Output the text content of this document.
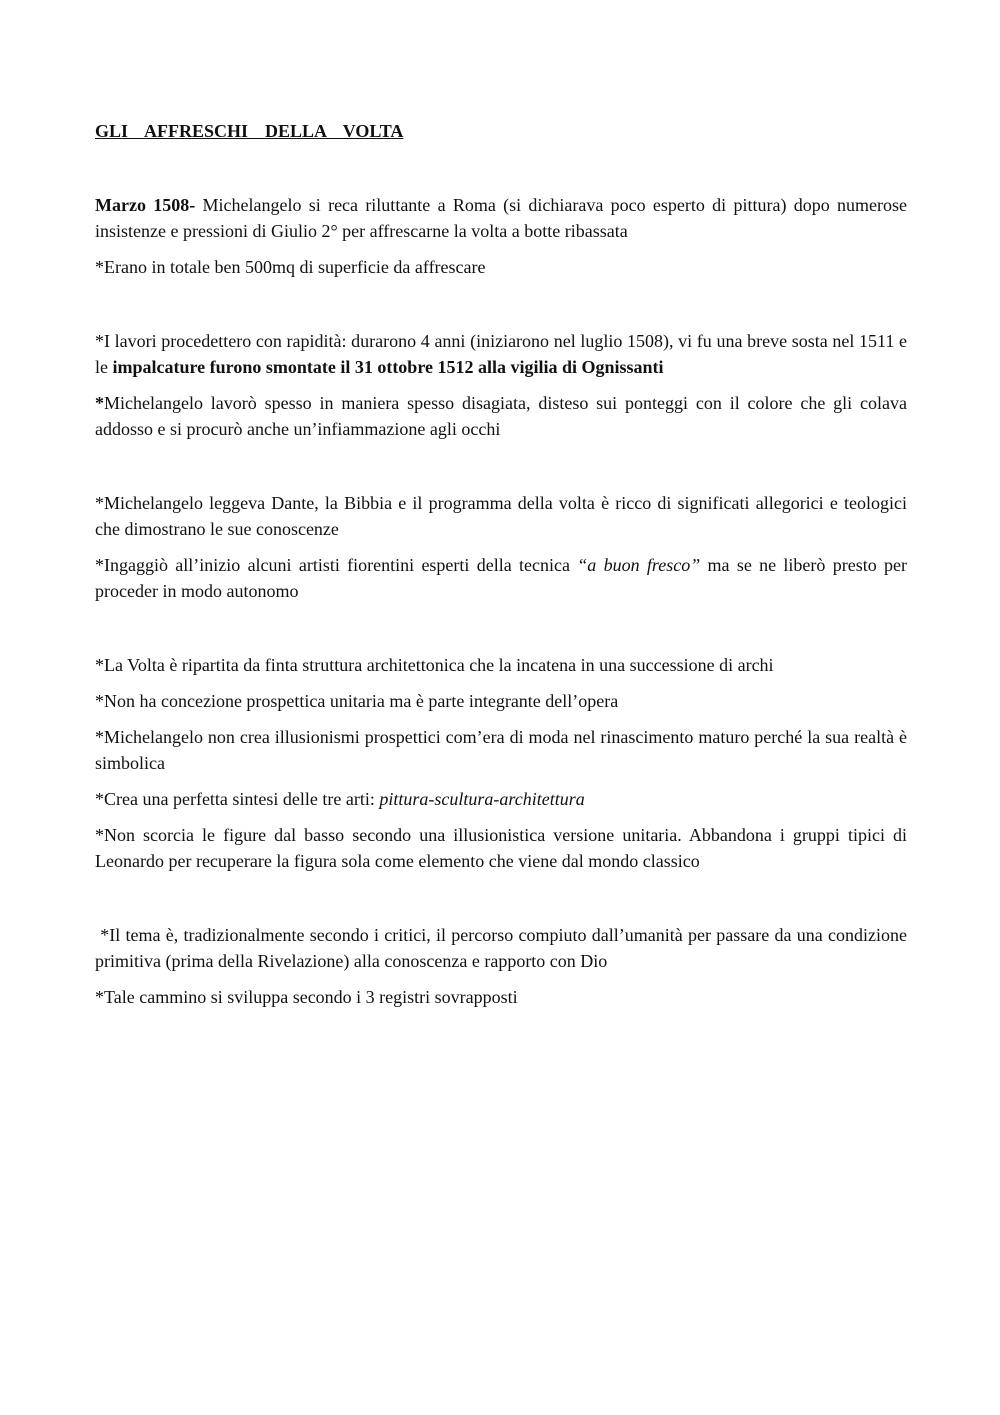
GLI  AFFRESCHI  DELLA  VOLTA

Marzo 1508- Michelangelo si reca riluttante a Roma (si dichiarava poco esperto di pittura) dopo numerose insistenze e pressioni di Giulio 2° per affrescarne la volta a botte ribassata

*Erano in totale ben 500mq di superficie da affrescare

*I lavori procedettero con rapidità: durarono 4 anni (iniziarono nel luglio 1508), vi fu una breve sosta nel 1511 e le impalcature furono smontate il 31 ottobre 1512 alla vigilia di Ognissanti

*Michelangelo lavorò spesso in maniera spesso disagiata, disteso sui ponteggi con il colore che gli colava addosso e si procurò anche un’infiammazione agli occhi

*Michelangelo leggeva Dante, la Bibbia e il programma della volta è ricco di significati allegorici e teologici che dimostrano le sue conoscenze

*Ingaggiò all’inizio alcuni artisti fiorentini esperti della tecnica “a buon fresco” ma se ne liberò presto per proceder in modo autonomo

*La Volta è ripartita da finta struttura architettonica che la incatena in una successione di archi

*Non ha concezione prospettica unitaria ma è parte integrante dell’opera

*Michelangelo non crea illusionismi prospettici com’era di moda nel rinascimento maturo perché la sua realtà è simbolica

*Crea una perfetta sintesi delle tre arti: pittura-scultura-architettura

*Non scorcia le figure dal basso secondo una illusionistica versione unitaria. Abbandona i gruppi tipici di Leonardo per recuperare la figura sola come elemento che viene dal mondo classico

*Il tema è, tradizionalmente secondo i critici, il percorso compiuto dall’umanità per passare da una condizione primitiva (prima della Rivelazione) alla conoscenza e rapporto con Dio

*Tale cammino si sviluppa secondo i 3 registri sovrapposti
